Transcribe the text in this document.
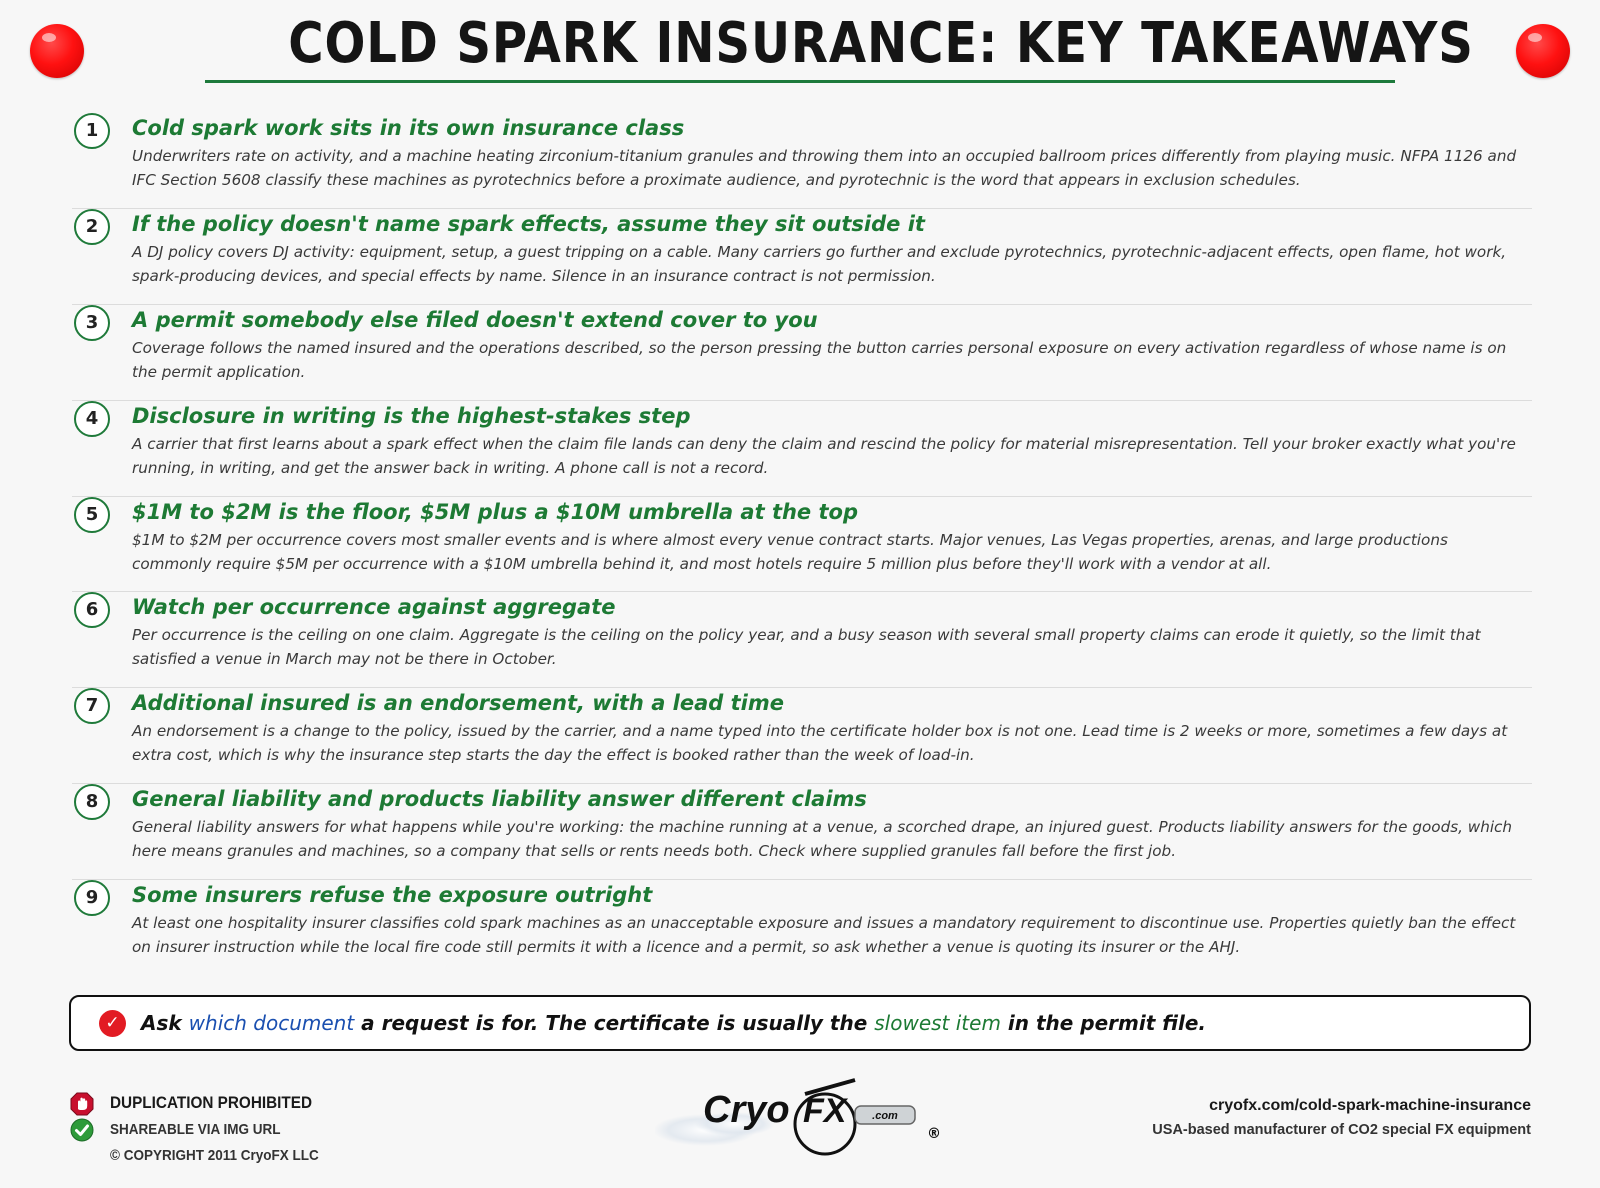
COLD SPARK INSURANCE: KEY TAKEAWAYS
1	Cold spark work sits in its own insurance class
Underwriters rate on activity, and a machine heating zirconium-titanium granules and throwing them into an occupied ballroom prices differently from playing music. NFPA 1126 and IFC Section 5608 classify these machines as pyrotechnics before a proximate audience, and pyrotechnic is the word that appears in exclusion schedules.
2	If the policy doesn't name spark effects, assume they sit outside it
A DJ policy covers DJ activity: equipment, setup, a guest tripping on a cable. Many carriers go further and exclude pyrotechnics, pyrotechnic-adjacent effects, open flame, hot work, spark-producing devices, and special effects by name. Silence in an insurance contract is not permission.
3	A permit somebody else filed doesn't extend cover to you
Coverage follows the named insured and the operations described, so the person pressing the button carries personal exposure on every activation regardless of whose name is on the permit application.
4	Disclosure in writing is the highest-stakes step
A carrier that first learns about a spark effect when the claim file lands can deny the claim and rescind the policy for material misrepresentation. Tell your broker exactly what you're running, in writing, and get the answer back in writing. A phone call is not a record.
5	$1M to $2M is the floor, $5M plus a $10M umbrella at the top
$1M to $2M per occurrence covers most smaller events and is where almost every venue contract starts. Major venues, Las Vegas properties, arenas, and large productions commonly require $5M per occurrence with a $10M umbrella behind it, and most hotels require 5 million plus before they'll work with a vendor at all.
6	Watch per occurrence against aggregate
Per occurrence is the ceiling on one claim. Aggregate is the ceiling on the policy year, and a busy season with several small property claims can erode it quietly, so the limit that satisfied a venue in March may not be there in October.
7	Additional insured is an endorsement, with a lead time
An endorsement is a change to the policy, issued by the carrier, and a name typed into the certificate holder box is not one. Lead time is 2 weeks or more, sometimes a few days at extra cost, which is why the insurance step starts the day the effect is booked rather than the week of load-in.
8	General liability and products liability answer different claims
General liability answers for what happens while you're working: the machine running at a venue, a scorched drape, an injured guest. Products liability answers for the goods, which here means granules and machines, so a company that sells or rents needs both. Check where supplied granules fall before the first job.
9	Some insurers refuse the exposure outright
At least one hospitality insurer classifies cold spark machines as an unacceptable exposure and issues a mandatory requirement to discontinue use. Properties quietly ban the effect on insurer instruction while the local fire code still permits it with a licence and a permit, so ask whether a venue is quoting its insurer or the AHJ.
✓	Ask which document a request is for. The certificate is usually the slowest item in the permit file.
DUPLICATION PROHIBITED
SHAREABLE VIA IMG URL
© COPYRIGHT 2011 CryoFX LLC
.com
Cryo FX
®
cryofx.com/cold-spark-machine-insurance
USA-based manufacturer of CO2 special FX equipment
